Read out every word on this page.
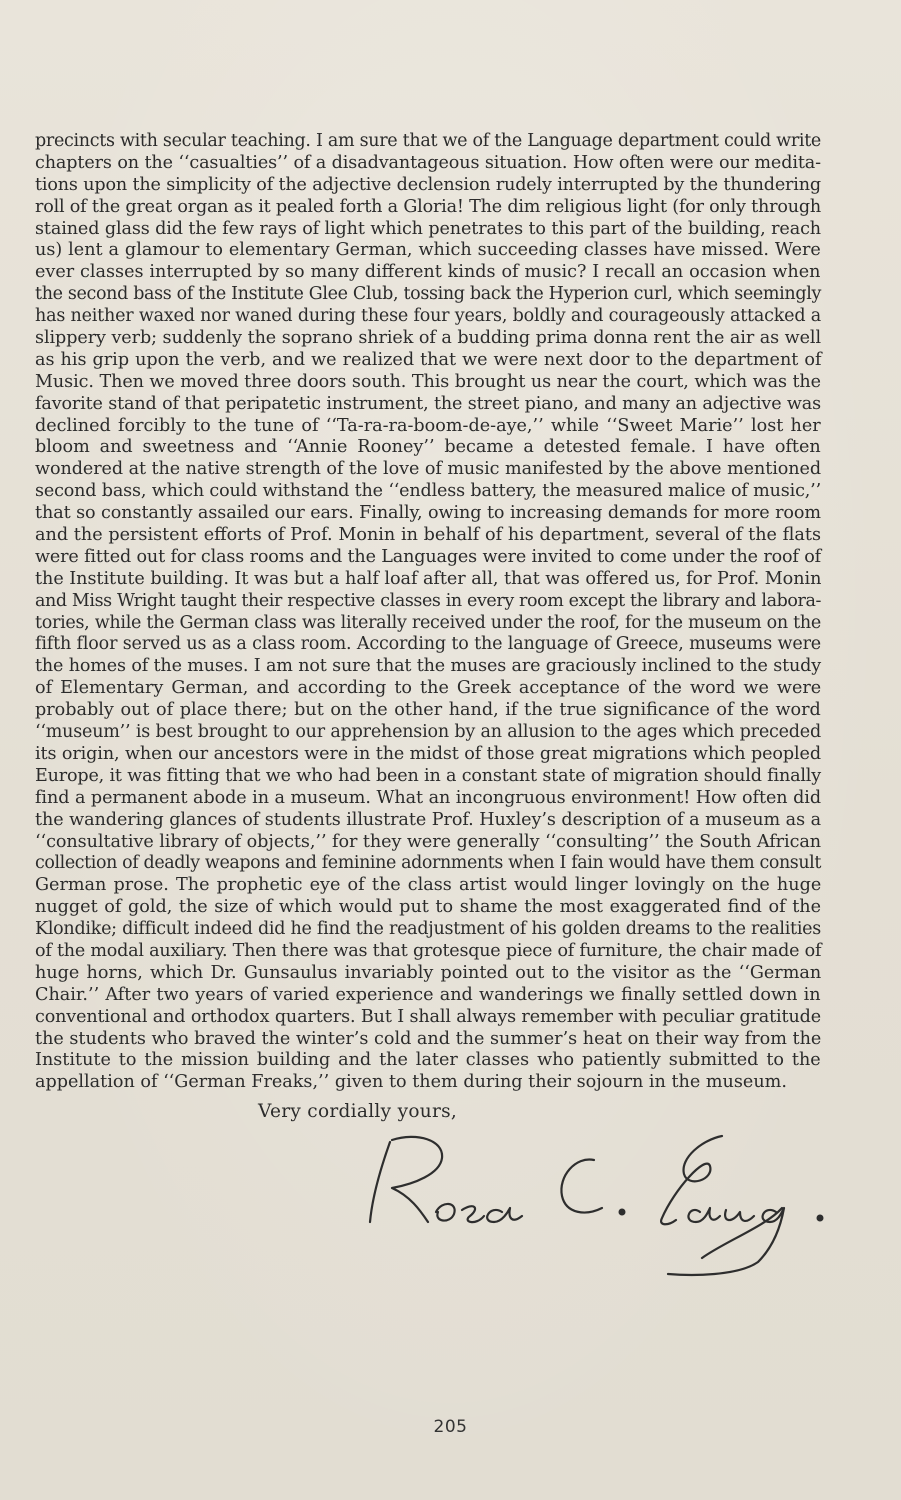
precincts with secular teaching. I am sure that we of the Language department could write
chapters on the ‘‘casualties’’ of a disadvantageous situation. How often were our medita-
tions upon the simplicity of the adjective declension rudely interrupted by the thundering
roll of the great organ as it pealed forth a Gloria! The dim religious light (for only through
stained glass did the few rays of light which penetrates to this part of the building, reach
us) lent a glamour to elementary German, which succeeding classes have missed. Were
ever classes interrupted by so many different kinds of music? I recall an occasion when
the second bass of the Institute Glee Club, tossing back the Hyperion curl, which seemingly
has neither waxed nor waned during these four years, boldly and courageously attacked a
slippery verb; suddenly the soprano shriek of a budding prima donna rent the air as well
as his grip upon the verb, and we realized that we were next door to the department of
Music. Then we moved three doors south. This brought us near the court, which was the
favorite stand of that peripatetic instrument, the street piano, and many an adjective was
declined forcibly to the tune of ‘‘Ta-ra-ra-boom-de-aye,’’ while ‘‘Sweet Marie’’ lost her
bloom and sweetness and ‘‘Annie Rooney’’ became a detested female. I have often
wondered at the native strength of the love of music manifested by the above mentioned
second bass, which could withstand the ‘‘endless battery, the measured malice of music,’’
that so constantly assailed our ears. Finally, owing to increasing demands for more room
and the persistent efforts of Prof. Monin in behalf of his department, several of the flats
were fitted out for class rooms and the Languages were invited to come under the roof of
the Institute building. It was but a half loaf after all, that was offered us, for Prof. Monin
and Miss Wright taught their respective classes in every room except the library and labora-
tories, while the German class was literally received under the roof, for the museum on the
fifth floor served us as a class room. According to the language of Greece, museums were
the homes of the muses. I am not sure that the muses are graciously inclined to the study
of Elementary German, and according to the Greek acceptance of the word we were
probably out of place there; but on the other hand, if the true significance of the word
‘‘museum’’ is best brought to our apprehension by an allusion to the ages which preceded
its origin, when our ancestors were in the midst of those great migrations which peopled
Europe, it was fitting that we who had been in a constant state of migration should finally
find a permanent abode in a museum. What an incongruous environment! How often did
the wandering glances of students illustrate Prof. Huxley’s description of a museum as a
‘‘consultative library of objects,’’ for they were generally ‘‘consulting’’ the South African
collection of deadly weapons and feminine adornments when I fain would have them consult
German prose. The prophetic eye of the class artist would linger lovingly on the huge
nugget of gold, the size of which would put to shame the most exaggerated find of the
Klondike; difficult indeed did he find the readjustment of his golden dreams to the realities
of the modal auxiliary. Then there was that grotesque piece of furniture, the chair made of
huge horns, which Dr. Gunsaulus invariably pointed out to the visitor as the ‘‘German
Chair.’’ After two years of varied experience and wanderings we finally settled down in
conventional and orthodox quarters. But I shall always remember with peculiar gratitude
the students who braved the winter’s cold and the summer’s heat on their way from the
Institute to the mission building and the later classes who patiently submitted to the
appellation of ‘‘German Freaks,’’ given to them during their sojourn in the museum.
Very cordially yours,
205
